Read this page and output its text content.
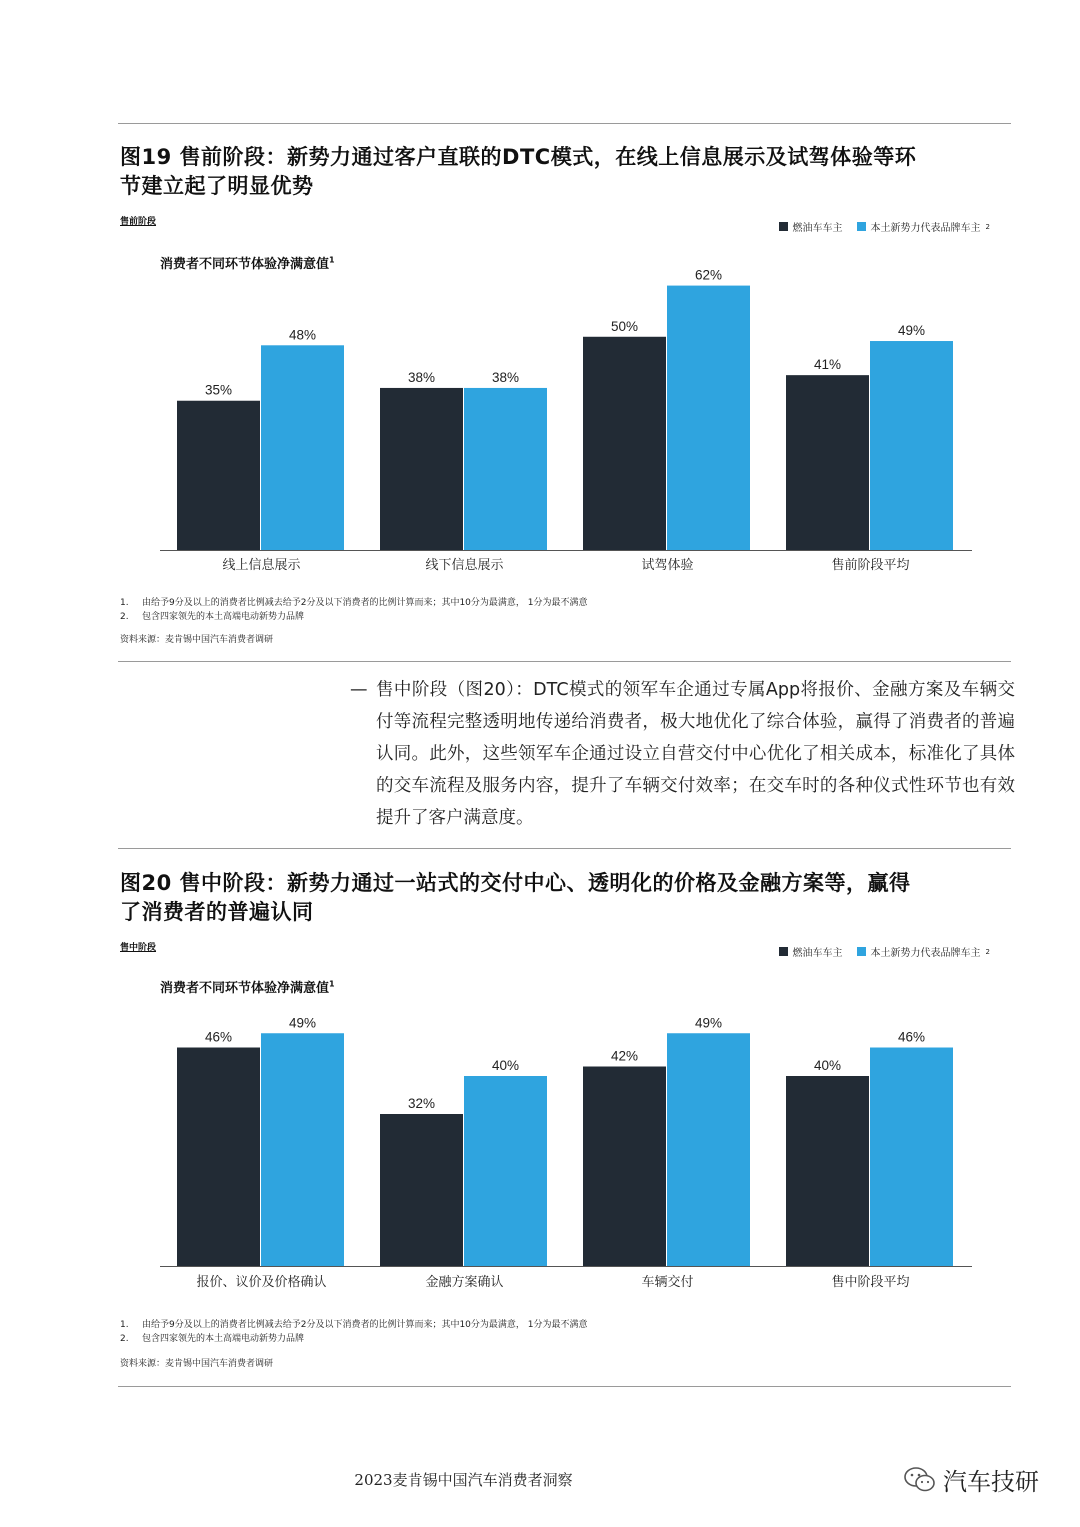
图19 售前阶段：新势力通过客户直联的DTC模式，在线上信息展示及试驾体验等环
节建立起了明显优势
售前阶段
燃油车车主	本土新势力代表品牌车主 2
消费者不同环节体验净满意值$^1$
35%
48%
线上信息展示
38%	38%
线下信息展示
50%
62%
试驾体验
41%
49%
售前阶段平均
1. 由给予9分及以上的消费者比例减去给予2分及以下消费者的比例计算而来；其中10分为最满意， 1分为最不满意
2. 包含四家领先的本土高端电动新势力品牌
资料来源：麦肯锡中国汽车消费者调研
— 售中阶段（图20）：DTC模式的领军车企通过专属App将报价、金融方案及车辆交付等流程完整透明地传递给消费者，极大地优化了综合体验，赢得了消费者的普遍认同。此外，这些领军车企通过设立自营交付中心优化了相关成本，标准化了具体的交车流程及服务内容，提升了车辆交付效率；在交车时的各种仪式性环节也有效提升了客户满意度。
图20 售中阶段：新势力通过一站式的交付中心、透明化的价格及金融方案等，赢得
了消费者的普遍认同
售中阶段	燃油车车主	本土新势力代表品牌车主 2
消费者不同环节体验净满意值$^1$
46%
49%
报价、议价及价格确认
32%
40%
金融方案确认
42%
49%
车辆交付
40%
46%
售中阶段平均
1. 由给予9分及以上的消费者比例减去给予2分及以下消费者的比例计算而来；其中10分为最满意， 1分为最不满意
2. 包含四家领先的本土高端电动新势力品牌
资料来源：麦肯锡中国汽车消费者调研
2023麦肯锡中国汽车消费者洞察	汽车技研
